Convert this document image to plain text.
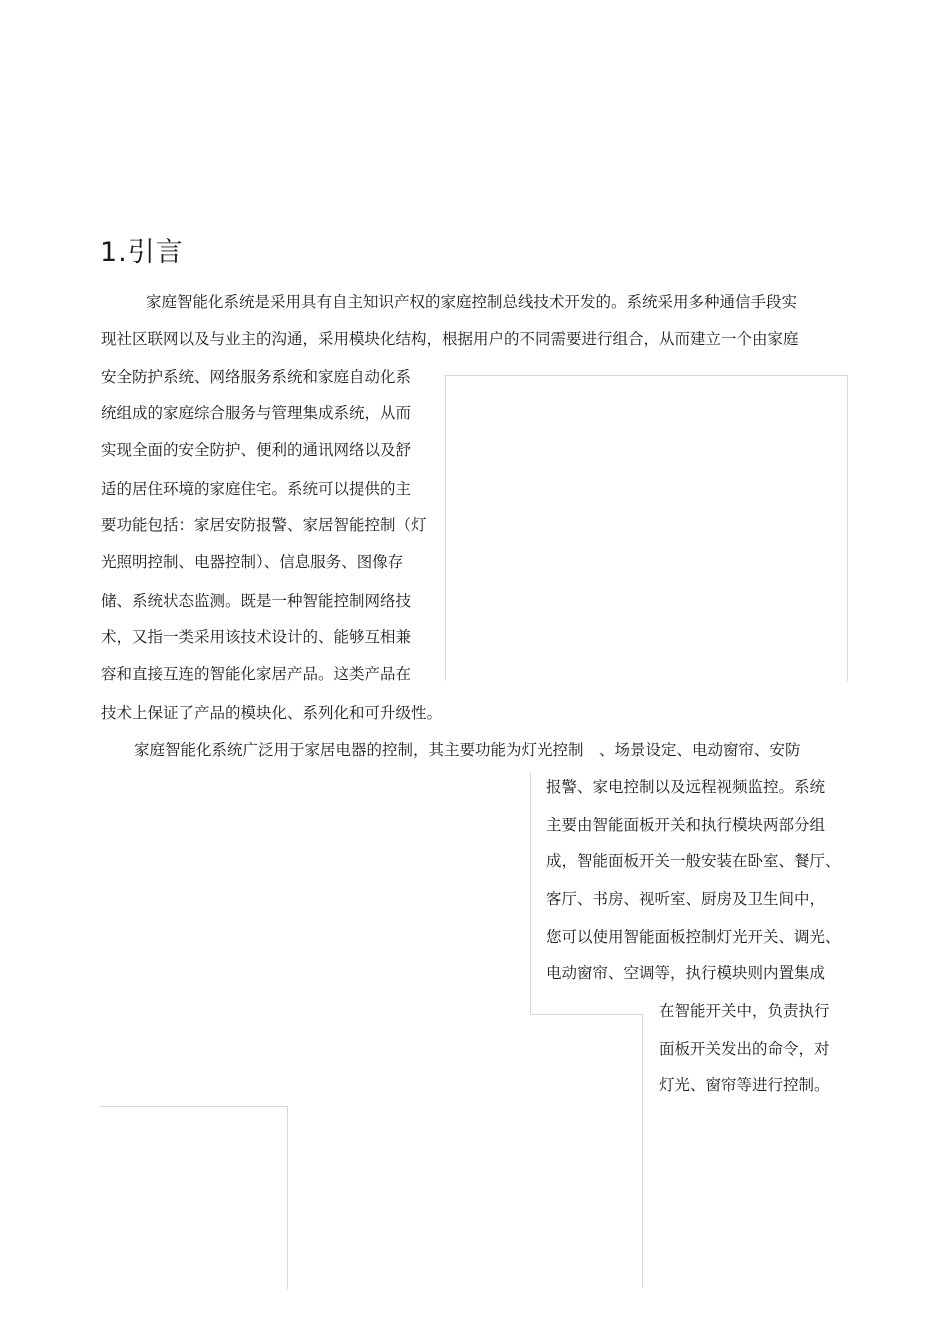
1.引言
家庭智能化系统是采用具有自主知识产权的家庭控制总线技术开发的。系统采用多种通信手段实
现社区联网以及与业主的沟通，采用模块化结构，根据用户的不同需要进行组合，从而建立一个由家庭
安全防护系统、网络服务系统和家庭自动化系
统组成的家庭综合服务与管理集成系统，从而
实现全面的安全防护、便利的通讯网络以及舒
适的居住环境的家庭住宅。系统可以提供的主
要功能包括：家居安防报警、家居智能控制（灯
光照明控制、电器控制）、信息服务、图像存
储、系统状态监测。既是一种智能控制网络技
术，又指一类采用该技术设计的、能够互相兼
容和直接互连的智能化家居产品。这类产品在
技术上保证了产品的模块化、系列化和可升级性。
家庭智能化系统广泛用于家居电器的控制，其主要功能为灯光控制　、场景设定、电动窗帘、安防
报警、家电控制以及远程视频监控。系统
主要由智能面板开关和执行模块两部分组
成，智能面板开关一般安装在卧室、餐厅、
客厅、书房、视听室、厨房及卫生间中，
您可以使用智能面板控制灯光开关、调光、
电动窗帘、空调等，执行模块则内置集成
在智能开关中，负责执行
面板开关发出的命令，对
灯光、窗帘等进行控制。
